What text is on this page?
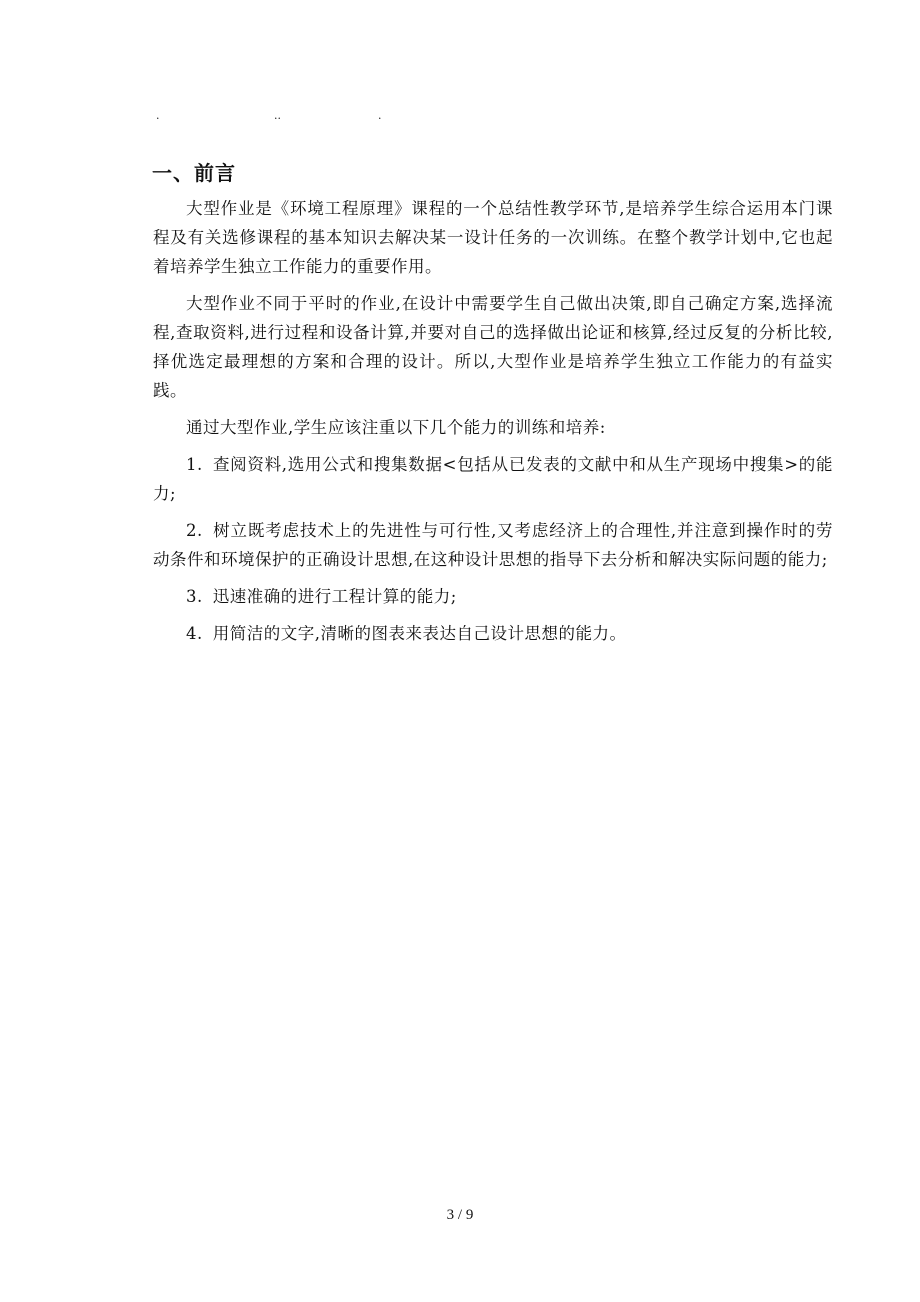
·	··	·
一、前言

大型作业是《环境工程原理》课程的一个总结性教学环节,是培养学生综合运用本门课程及有关选修课程的基本知识去解决某一设计任务的一次训练。在整个教学计划中,它也起着培养学生独立工作能力的重要作用。

大型作业不同于平时的作业,在设计中需要学生自己做出决策,即自己确定方案,选择流程,查取资料,进行过程和设备计算,并要对自己的选择做出论证和核算,经过反复的分析比较,择优选定最理想的方案和合理的设计。所以,大型作业是培养学生独立工作能力的有益实践。

通过大型作业,学生应该注重以下几个能力的训练和培养:

1. 查阅资料,选用公式和搜集数据<包括从已发表的文献中和从生产现场中搜集>的能力;

2. 树立既考虑技术上的先进性与可行性,又考虑经济上的合理性,并注意到操作时的劳动条件和环境保护的正确设计思想,在这种设计思想的指导下去分析和解决实际问题的能力;

3. 迅速准确的进行工程计算的能力;

4. 用简洁的文字,清晰的图表来表达自己设计思想的能力。

3 / 9
